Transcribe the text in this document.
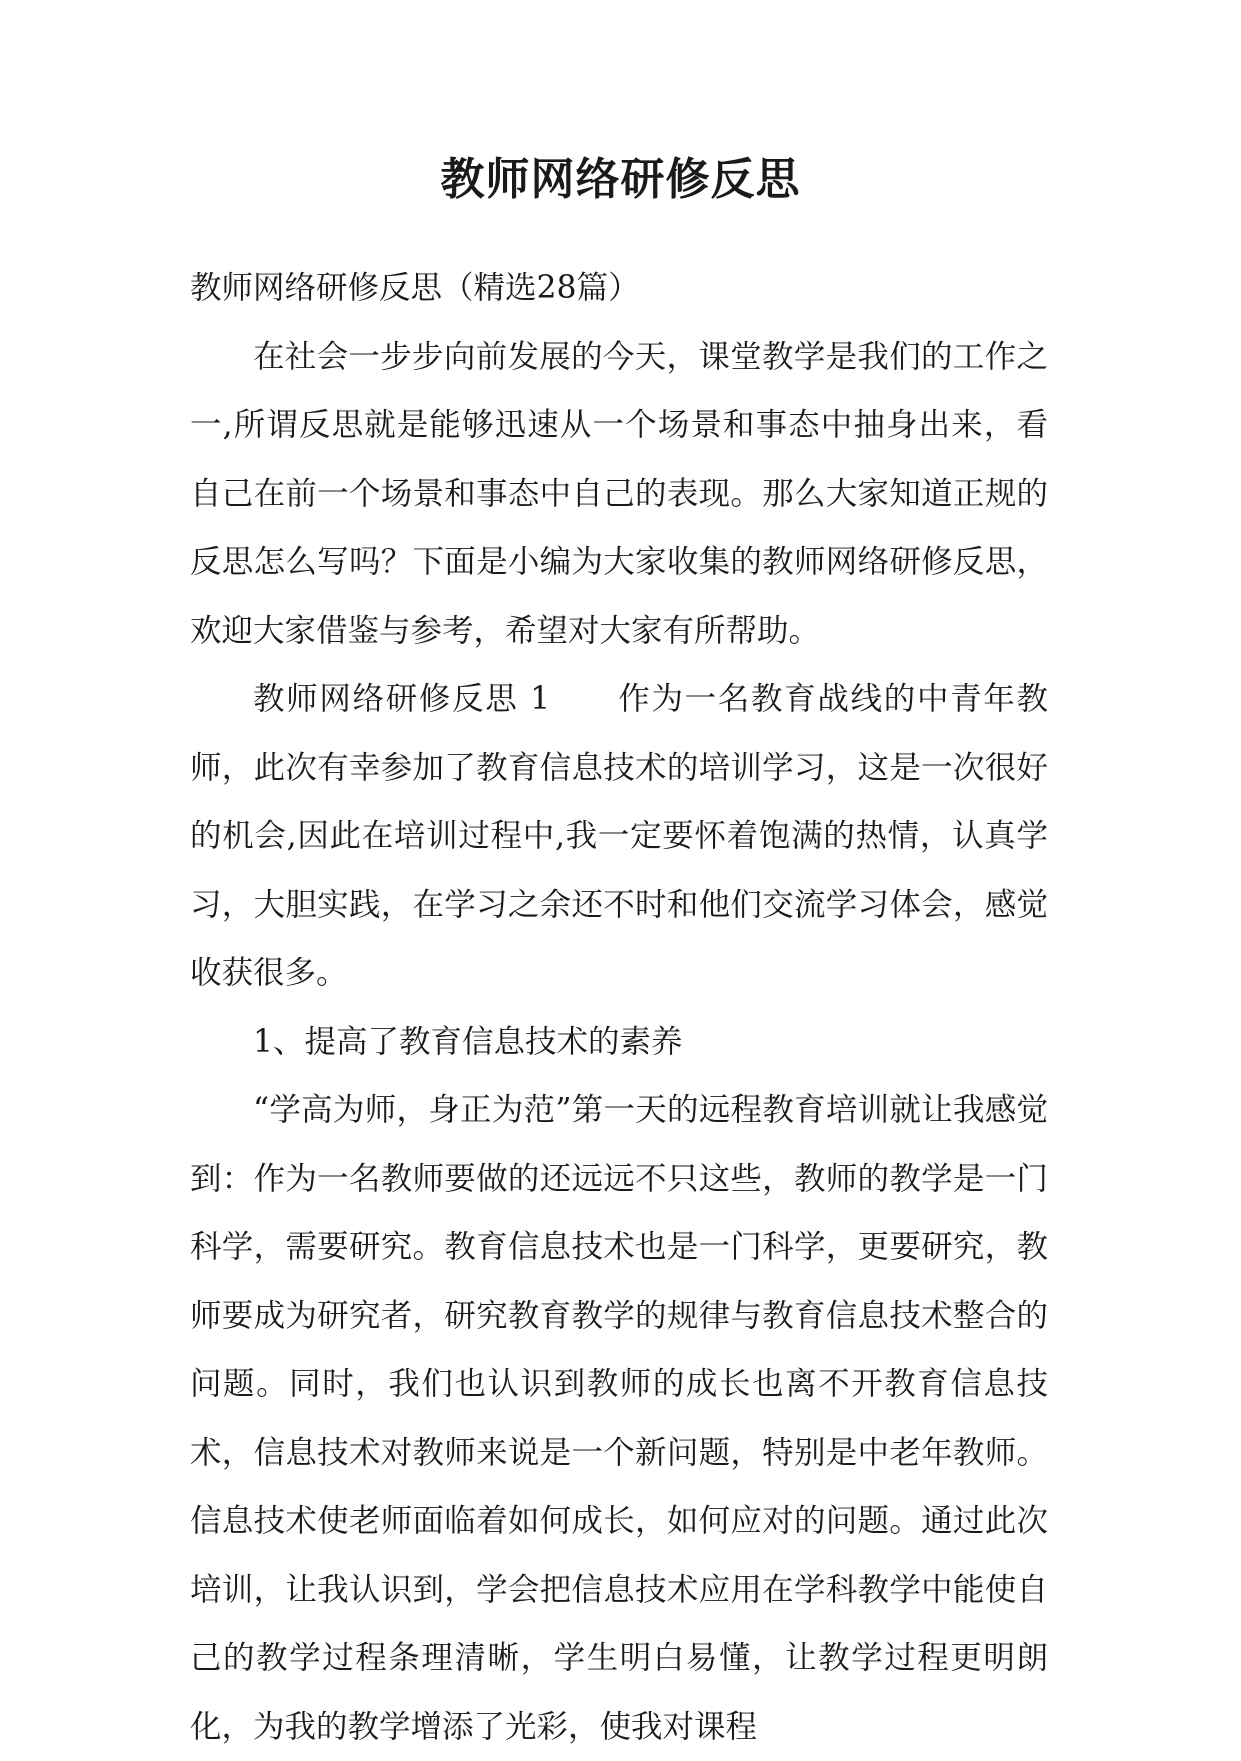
教师网络研修反思

教师网络研修反思（精选28篇）

在社会一步步向前发展的今天，课堂教学是我们的工作之一,所谓反思就是能够迅速从一个场景和事态中抽身出来，看自己在前一个场景和事态中自己的表现。那么大家知道正规的反思怎么写吗？下面是小编为大家收集的教师网络研修反思，欢迎大家借鉴与参考，希望对大家有所帮助。

教师网络研修反思 1　　作为一名教育战线的中青年教师，此次有幸参加了教育信息技术的培训学习，这是一次很好的机会,因此在培训过程中,我一定要怀着饱满的热情，认真学习，大胆实践，在学习之余还不时和他们交流学习体会，感觉收获很多。

1、提高了教育信息技术的素养

“学高为师，身正为范”第一天的远程教育培训就让我感觉到：作为一名教师要做的还远远不只这些，教师的教学是一门科学，需要研究。教育信息技术也是一门科学，更要研究，教师要成为研究者，研究教育教学的规律与教育信息技术整合的问题。同时，我们也认识到教师的成长也离不开教育信息技术，信息技术对教师来说是一个新问题，特别是中老年教师。信息技术使老师面临着如何成长，如何应对的问题。通过此次培训，让我认识到，学会把信息技术应用在学科教学中能使自己的教学过程条理清晰，学生明白易懂，让教学过程更明朗化，为我的教学增添了光彩，使我对课程
